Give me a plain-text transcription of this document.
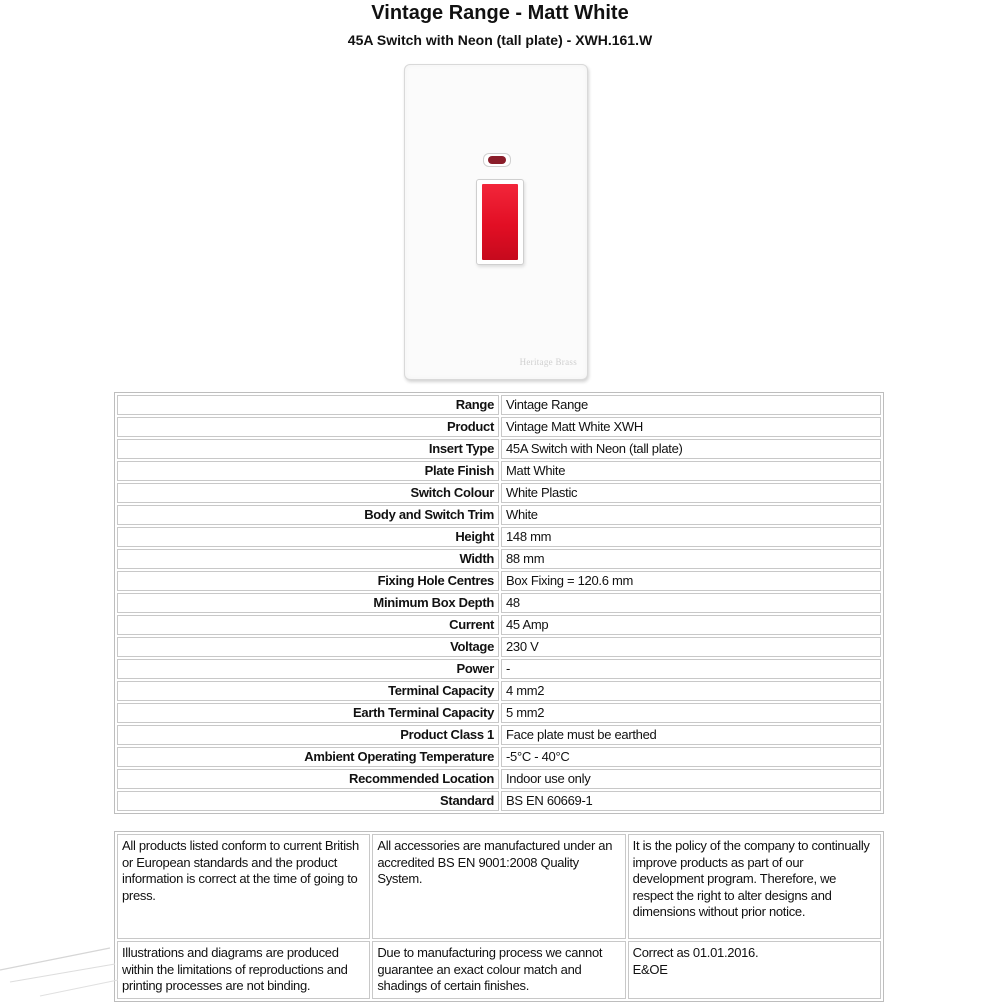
Vintage Range - Matt White
45A Switch with Neon (tall plate) - XWH.161.W
Heritage Brass
Range	Vintage Range
Product	Vintage Matt White XWH
Insert Type	45A Switch with Neon (tall plate)
Plate Finish	Matt White
Switch Colour	White Plastic
Body and Switch Trim	White
Height	148 mm
Width	88 mm
Fixing Hole Centres	Box Fixing = 120.6 mm
Minimum Box Depth	48
Current	45 Amp
Voltage	230 V
Power	-
Terminal Capacity	4 mm2
Earth Terminal Capacity	5 mm2
Product Class 1	Face plate must be earthed
Ambient Operating Temperature	-5°C - 40°C
Recommended Location	Indoor use only
Standard	BS EN 60669-1
All products listed conform to current British or European standards and the product information is correct at the time of going to press.	All accessories are manufactured under an accredited BS EN 9001:2008 Quality System.	It is the policy of the company to continually improve products as part of our development program. Therefore, we respect the right to alter designs and dimensions without prior notice.
Illustrations and diagrams are produced within the limitations of reproductions and printing processes are not binding.	Due to manufacturing process we cannot guarantee an exact colour match and shadings of certain finishes.	Correct as 01.01.2016.
E&OE
